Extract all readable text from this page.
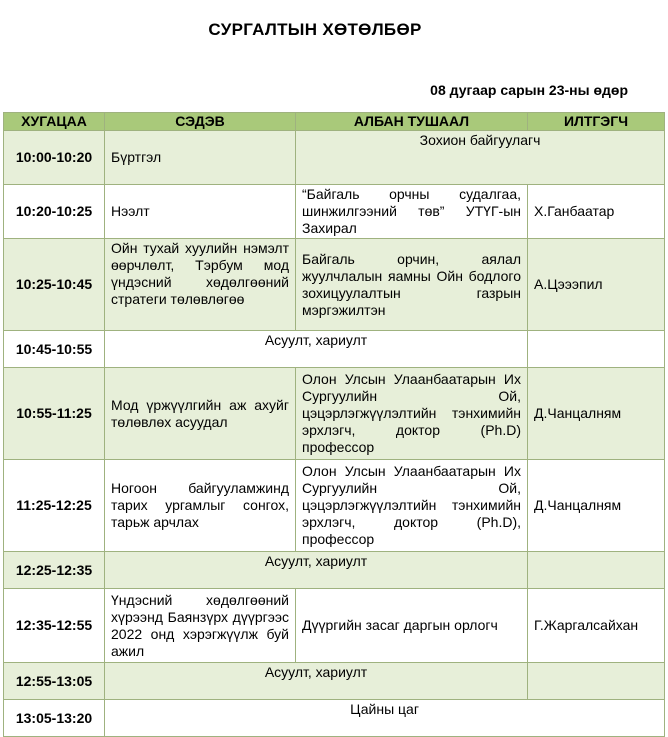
СУРГАЛТЫН ХӨТӨЛБӨР
08 дугаар сарын 23-ны өдөр
ХУГАЦАА	СЭДЭВ	АЛБАН ТУШААЛ	ИЛТГЭГЧ
10:00-10:20	Бүртгэл	Зохион байгуулагч	
10:20-10:25	Нээлт	“Байгаль орчны судалгаа, шинжилгээний төв” УТҮГ-ын Захирал	Х.Ганбаатар
10:25-10:45	Ойн тухай хуулийн нэмэлт өөрчлөлт, Тэрбум мод үндэсний хөдөлгөөний стратеги төлөвлөгөө	Байгаль орчин, аялал жуулчлалын яамны Ойн бодлого зохицуулалтын газрын мэргэжилтэн	А.Цэээпил
10:45-10:55	Асуулт, хариулт		
10:55-11:25	Мод үржүүлгийн аж ахуйг төлөвлөх асуудал	Олон Улсын Улаанбаатарын Их Сургуулийн Ой, цэцэрлэгжүүлэлтийн тэнхимийн эрхлэгч, доктор (Ph.D) профессор	Д.Чанцалням
11:25-12:25	Ногоон байгууламжинд тарих ургамлыг сонгох, тарьж арчлах	Олон Улсын Улаанбаатарын Их Сургуулийн Ой, цэцэрлэгжүүлэлтийн тэнхимийн эрхлэгч, доктор (Ph.D), профессор	Д.Чанцалням
12:25-12:35	Асуулт, хариулт		
12:35-12:55	Үндэсний хөдөлгөөний хүрээнд Баянзүрх дүүргээс 2022 онд хэрэгжүүлж буй ажил	Дүүргийн засаг даргын орлогч	Г.Жаргалсайхан
12:55-13:05	Асуулт, хариулт		
13:05-13:20	Цайны цаг		
